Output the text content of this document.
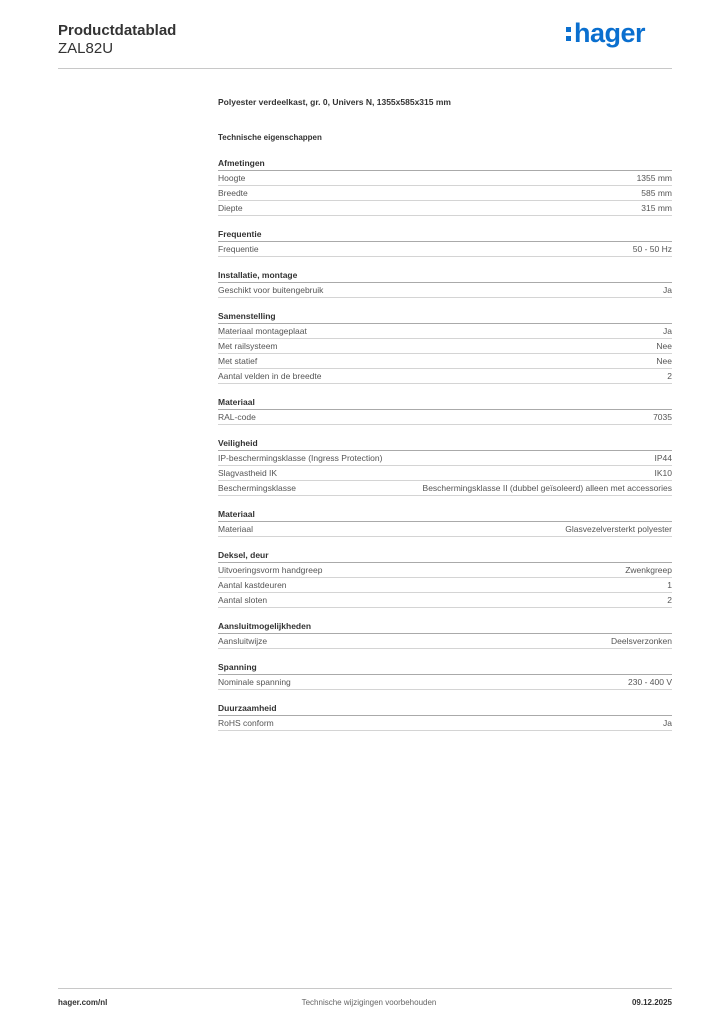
Productdatablad
ZAL82U
hager
Polyester verdeelkast, gr. 0, Univers N, 1355x585x315 mm
Technische eigenschappen
Afmetingen
Hoogte	1355 mm
Breedte	585 mm
Diepte	315 mm
Frequentie
Frequentie	50 - 50 Hz
Installatie, montage
Geschikt voor buitengebruik	Ja
Samenstelling
Materiaal montageplaat	Ja
Met railsysteem	Nee
Met statief	Nee
Aantal velden in de breedte	2
Materiaal
RAL-code	7035
Veiligheid
IP-beschermingsklasse (Ingress Protection)	IP44
Slagvastheid IK	IK10
Beschermingsklasse	Beschermingsklasse II (dubbel geïsoleerd) alleen met accessories
Materiaal
Materiaal	Glasvezelversterkt polyester
Deksel, deur
Uitvoeringsvorm handgreep	Zwenkgreep
Aantal kastdeuren	1
Aantal sloten	2
Aansluitmogelijkheden
Aansluitwijze	Deelsverzonken
Spanning
Nominale spanning	230 - 400 V
Duurzaamheid
RoHS conform	Ja
hager.com/nl	Technische wijzigingen voorbehouden	09.12.2025
